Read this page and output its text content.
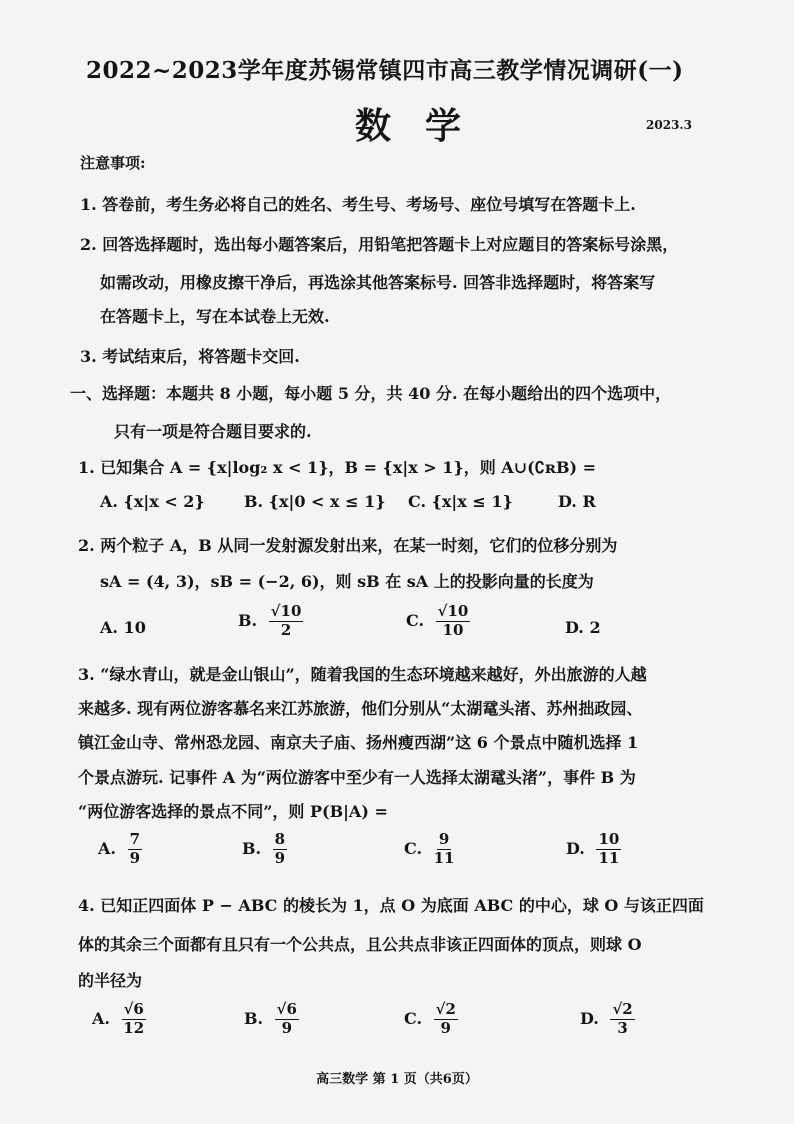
2022~2023学年度苏锡常镇四市高三教学情况调研(一)
数学	2023.3
注意事项:
1. 答卷前，考生务必将自己的姓名、考生号、考场号、座位号填写在答题卡上.
2. 回答选择题时，选出每小题答案后，用铅笔把答题卡上对应题目的答案标号涂黑，
如需改动，用橡皮擦干净后，再选涂其他答案标号. 回答非选择题时，将答案写
在答题卡上，写在本试卷上无效.
3. 考试结束后，将答题卡交回.
一、选择题：本题共 8 小题，每小题 5 分，共 40 分. 在每小题给出的四个选项中，
只有一项是符合题目要求的.
1. 已知集合 A = {x|log₂ x < 1}，B = {x|x > 1}，则 A∪(∁ʀB) =
A. {x|x < 2} B. {x|0 < x ≤ 1} C. {x|x ≤ 1}	D. R
2. 两个粒子 A，B 从同一发射源发射出来，在某一时刻，它们的位移分别为
sA = (4, 3)，sB = (−2, 6)，则 sB 在 sA 上的投影向量的长度为
A. 10	B. $\frac{√10}{2}$	C. $\frac{√10}{10}$	D. 2
3. “绿水青山，就是金山银山”，随着我国的生态环境越来越好，外出旅游的人越
来越多. 现有两位游客慕名来江苏旅游，他们分别从“太湖鼋头渚、苏州拙政园、
镇江金山寺、常州恐龙园、南京夫子庙、扬州瘦西湖”这 6 个景点中随机选择 1
个景点游玩. 记事件 A 为“两位游客中至少有一人选择太湖鼋头渚”，事件 B 为
“两位游客选择的景点不同”，则 P(B|A) =
A. $\frac{7}{9}$	B. $\frac{8}{9}$	C. $\frac{9}{11}$	D. $\frac{10}{11}$
4. 已知正四面体 P − ABC 的棱长为 1，点 O 为底面 ABC 的中心，球 O 与该正四面
体的其余三个面都有且只有一个公共点，且公共点非该正四面体的顶点，则球 O
的半径为
A. $\frac{√6}{12}$	B. $\frac{√6}{9}$	C. $\frac{√2}{9}$	D. $\frac{√2}{3}$
高三数学 第 1 页（共6页）
